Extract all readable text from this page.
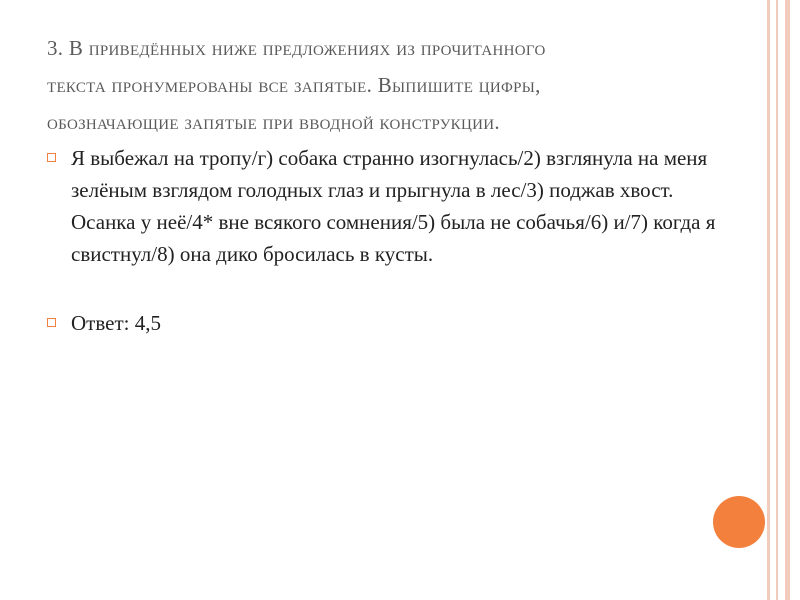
3. В приведённых ниже предложениях из прочитанного
текста пронумерованы все запятые. Выпишите цифры,
обозначающие запятые при вводной конструкции.
Я выбежал на тропу/г) собака странно изогнулась/2) взглянула на меня зелёным взглядом голодных глаз и прыгнула в лес/3) поджав хвост. Осанка у неё/4* вне всякого сомнения/5) была не собачья/6) и/7) когда я свистнул/8) она дико бросилась в кусты.
Ответ: 4,5
